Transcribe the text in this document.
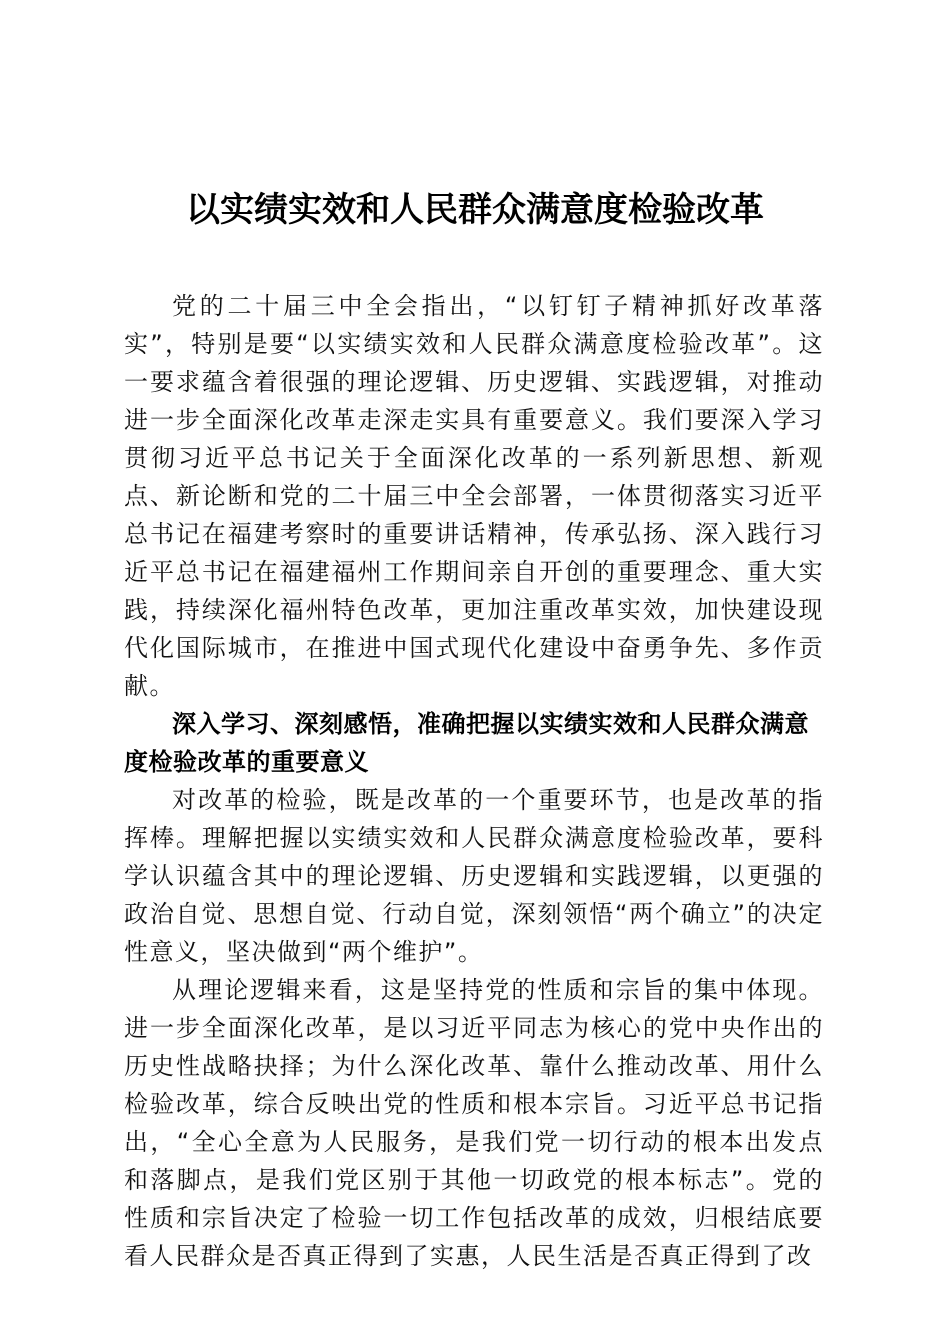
以实绩实效和人民群众满意度检验改革

党的二十届三中全会指出，“以钉钉子精神抓好改革落实”，特别是要“以实绩实效和人民群众满意度检验改革”。这一要求蕴含着很强的理论逻辑、历史逻辑、实践逻辑，对推动进一步全面深化改革走深走实具有重要意义。我们要深入学习贯彻习近平总书记关于全面深化改革的一系列新思想、新观点、新论断和党的二十届三中全会部署，一体贯彻落实习近平总书记在福建考察时的重要讲话精神，传承弘扬、深入践行习近平总书记在福建福州工作期间亲自开创的重要理念、重大实践，持续深化福州特色改革，更加注重改革实效，加快建设现代化国际城市，在推进中国式现代化建设中奋勇争先、多作贡献。

深入学习、深刻感悟，准确把握以实绩实效和人民群众满意度检验改革的重要意义

对改革的检验，既是改革的一个重要环节，也是改革的指挥棒。理解把握以实绩实效和人民群众满意度检验改革，要科学认识蕴含其中的理论逻辑、历史逻辑和实践逻辑，以更强的政治自觉、思想自觉、行动自觉，深刻领悟“两个确立”的决定性意义，坚决做到“两个维护”。

从理论逻辑来看，这是坚持党的性质和宗旨的集中体现。进一步全面深化改革，是以习近平同志为核心的党中央作出的历史性战略抉择；为什么深化改革、靠什么推动改革、用什么检验改革，综合反映出党的性质和根本宗旨。习近平总书记指出，“全心全意为人民服务，是我们党一切行动的根本出发点和落脚点，是我们党区别于其他一切政党的根本标志”。党的性质和宗旨决定了检验一切工作包括改革的成效，归根结底要看人民群众是否真正得到了实惠，人民生活是否真正得到了改
